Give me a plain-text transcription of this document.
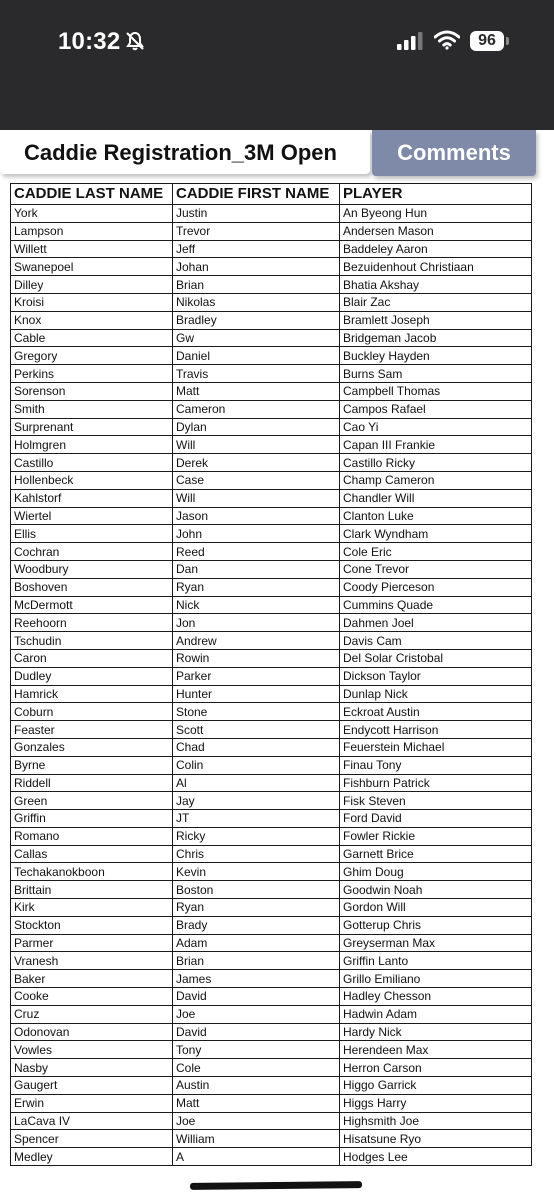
10:32	96
Caddie Registration_3M Open	Comments
CADDIE LAST NAME	CADDIE FIRST NAME	PLAYER
York	Justin	An Byeong Hun
Lampson	Trevor	Andersen Mason
Willett	Jeff	Baddeley Aaron
Swanepoel	Johan	Bezuidenhout Christiaan
Dilley	Brian	Bhatia Akshay
Kroisi	Nikolas	Blair Zac
Knox	Bradley	Bramlett Joseph
Cable	Gw	Bridgeman Jacob
Gregory	Daniel	Buckley Hayden
Perkins	Travis	Burns Sam
Sorenson	Matt	Campbell Thomas
Smith	Cameron	Campos Rafael
Surprenant	Dylan	Cao Yi
Holmgren	Will	Capan III Frankie
Castillo	Derek	Castillo Ricky
Hollenbeck	Case	Champ Cameron
Kahlstorf	Will	Chandler Will
Wiertel	Jason	Clanton Luke
Ellis	John	Clark Wyndham
Cochran	Reed	Cole Eric
Woodbury	Dan	Cone Trevor
Boshoven	Ryan	Coody Pierceson
McDermott	Nick	Cummins Quade
Reehoorn	Jon	Dahmen Joel
Tschudin	Andrew	Davis Cam
Caron	Rowin	Del Solar Cristobal
Dudley	Parker	Dickson Taylor
Hamrick	Hunter	Dunlap Nick
Coburn	Stone	Eckroat Austin
Feaster	Scott	Endycott Harrison
Gonzales	Chad	Feuerstein Michael
Byrne	Colin	Finau Tony
Riddell	Al	Fishburn Patrick
Green	Jay	Fisk Steven
Griffin	JT	Ford David
Romano	Ricky	Fowler Rickie
Callas	Chris	Garnett Brice
Techakanokboon	Kevin	Ghim Doug
Brittain	Boston	Goodwin Noah
Kirk	Ryan	Gordon Will
Stockton	Brady	Gotterup Chris
Parmer	Adam	Greyserman Max
Vranesh	Brian	Griffin Lanto
Baker	James	Grillo Emiliano
Cooke	David	Hadley Chesson
Cruz	Joe	Hadwin Adam
Odonovan	David	Hardy Nick
Vowles	Tony	Herendeen Max
Nasby	Cole	Herron Carson
Gaugert	Austin	Higgo Garrick
Erwin	Matt	Higgs Harry
LaCava IV	Joe	Highsmith Joe
Spencer	William	Hisatsune Ryo
Medley	A	Hodges Lee
